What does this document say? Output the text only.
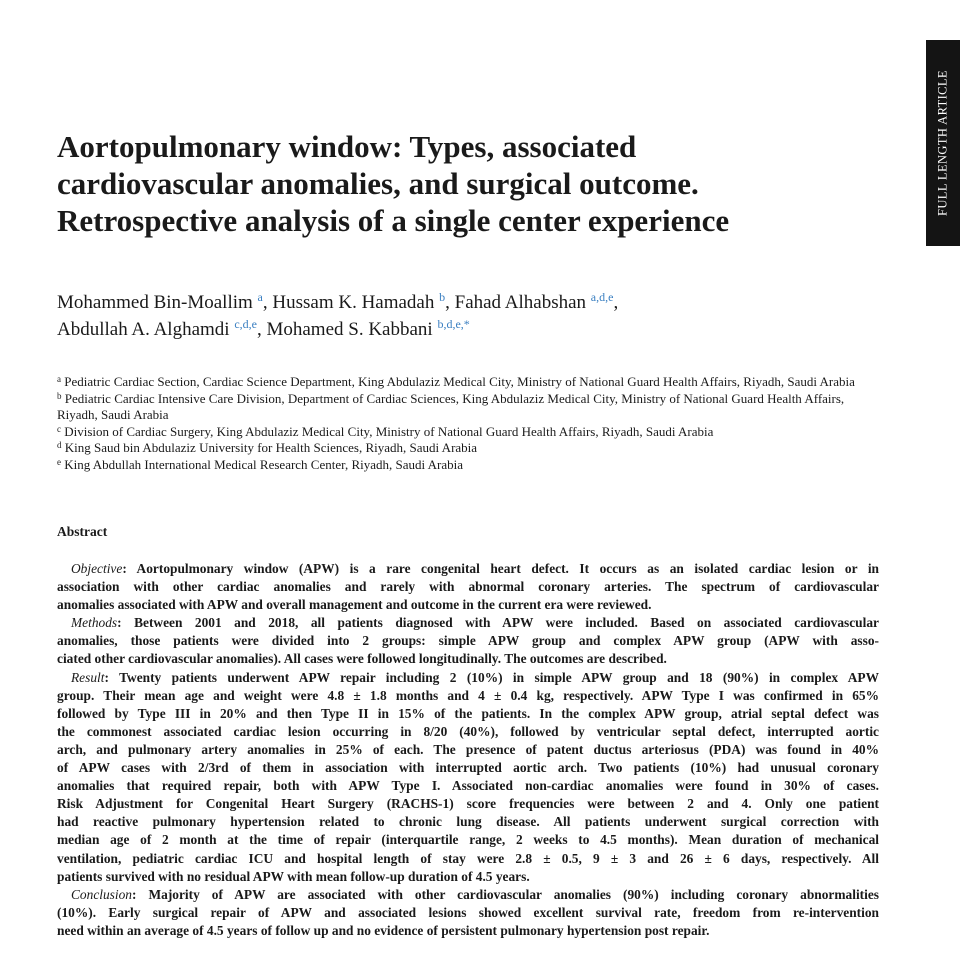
FULL LENGTH ARTICLE
Aortopulmonary window: Types, associated
cardiovascular anomalies, and surgical outcome.
Retrospective analysis of a single center experience
Mohammed Bin-Moallim $^a$, Hussam K. Hamadah $^b$, Fahad Alhabshan $^{a,d,e}$,
Abdullah A. Alghamdi $^{c,d,e}$, Mohamed S. Kabbani $^{b,d,e,*}$
$^a$ Pediatric Cardiac Section, Cardiac Science Department, King Abdulaziz Medical City, Ministry of National Guard Health Affairs, Riyadh, Saudi Arabia
$^b$ Pediatric Cardiac Intensive Care Division, Department of Cardiac Sciences, King Abdulaziz Medical City, Ministry of National Guard Health Affairs, Riyadh, Saudi Arabia
$^c$ Division of Cardiac Surgery, King Abdulaziz Medical City, Ministry of National Guard Health Affairs, Riyadh, Saudi Arabia
$^d$ King Saud bin Abdulaziz University for Health Sciences, Riyadh, Saudi Arabia
$^e$ King Abdullah International Medical Research Center, Riyadh, Saudi Arabia
Abstract
Objective: Aortopulmonary window (APW) is a rare congenital heart defect. It occurs as an isolated cardiac lesion or in
association with other cardiac anomalies and rarely with abnormal coronary arteries. The spectrum of cardiovascular
anomalies associated with APW and overall management and outcome in the current era were reviewed.
Methods: Between 2001 and 2018, all patients diagnosed with APW were included. Based on associated cardiovascular
anomalies, those patients were divided into 2 groups: simple APW group and complex APW group (APW with asso-
ciated other cardiovascular anomalies). All cases were followed longitudinally. The outcomes are described.
Result: Twenty patients underwent APW repair including 2 (10%) in simple APW group and 18 (90%) in complex APW
group. Their mean age and weight were 4.8 ± 1.8 months and 4 ± 0.4 kg, respectively. APW Type I was confirmed in 65%
followed by Type III in 20% and then Type II in 15% of the patients. In the complex APW group, atrial septal defect was
the commonest associated cardiac lesion occurring in 8/20 (40%), followed by ventricular septal defect, interrupted aortic
arch, and pulmonary artery anomalies in 25% of each. The presence of patent ductus arteriosus (PDA) was found in 40%
of APW cases with 2/3rd of them in association with interrupted aortic arch. Two patients (10%) had unusual coronary
anomalies that required repair, both with APW Type I. Associated non-cardiac anomalies were found in 30% of cases.
Risk Adjustment for Congenital Heart Surgery (RACHS-1) score frequencies were between 2 and 4. Only one patient
had reactive pulmonary hypertension related to chronic lung disease. All patients underwent surgical correction with
median age of 2 month at the time of repair (interquartile range, 2 weeks to 4.5 months). Mean duration of mechanical
ventilation, pediatric cardiac ICU and hospital length of stay were 2.8 ± 0.5, 9 ± 3 and 26 ± 6 days, respectively. All
patients survived with no residual APW with mean follow-up duration of 4.5 years.
Conclusion: Majority of APW are associated with other cardiovascular anomalies (90%) including coronary abnormalities
(10%). Early surgical repair of APW and associated lesions showed excellent survival rate, freedom from re-intervention
need within an average of 4.5 years of follow up and no evidence of persistent pulmonary hypertension post repair.
